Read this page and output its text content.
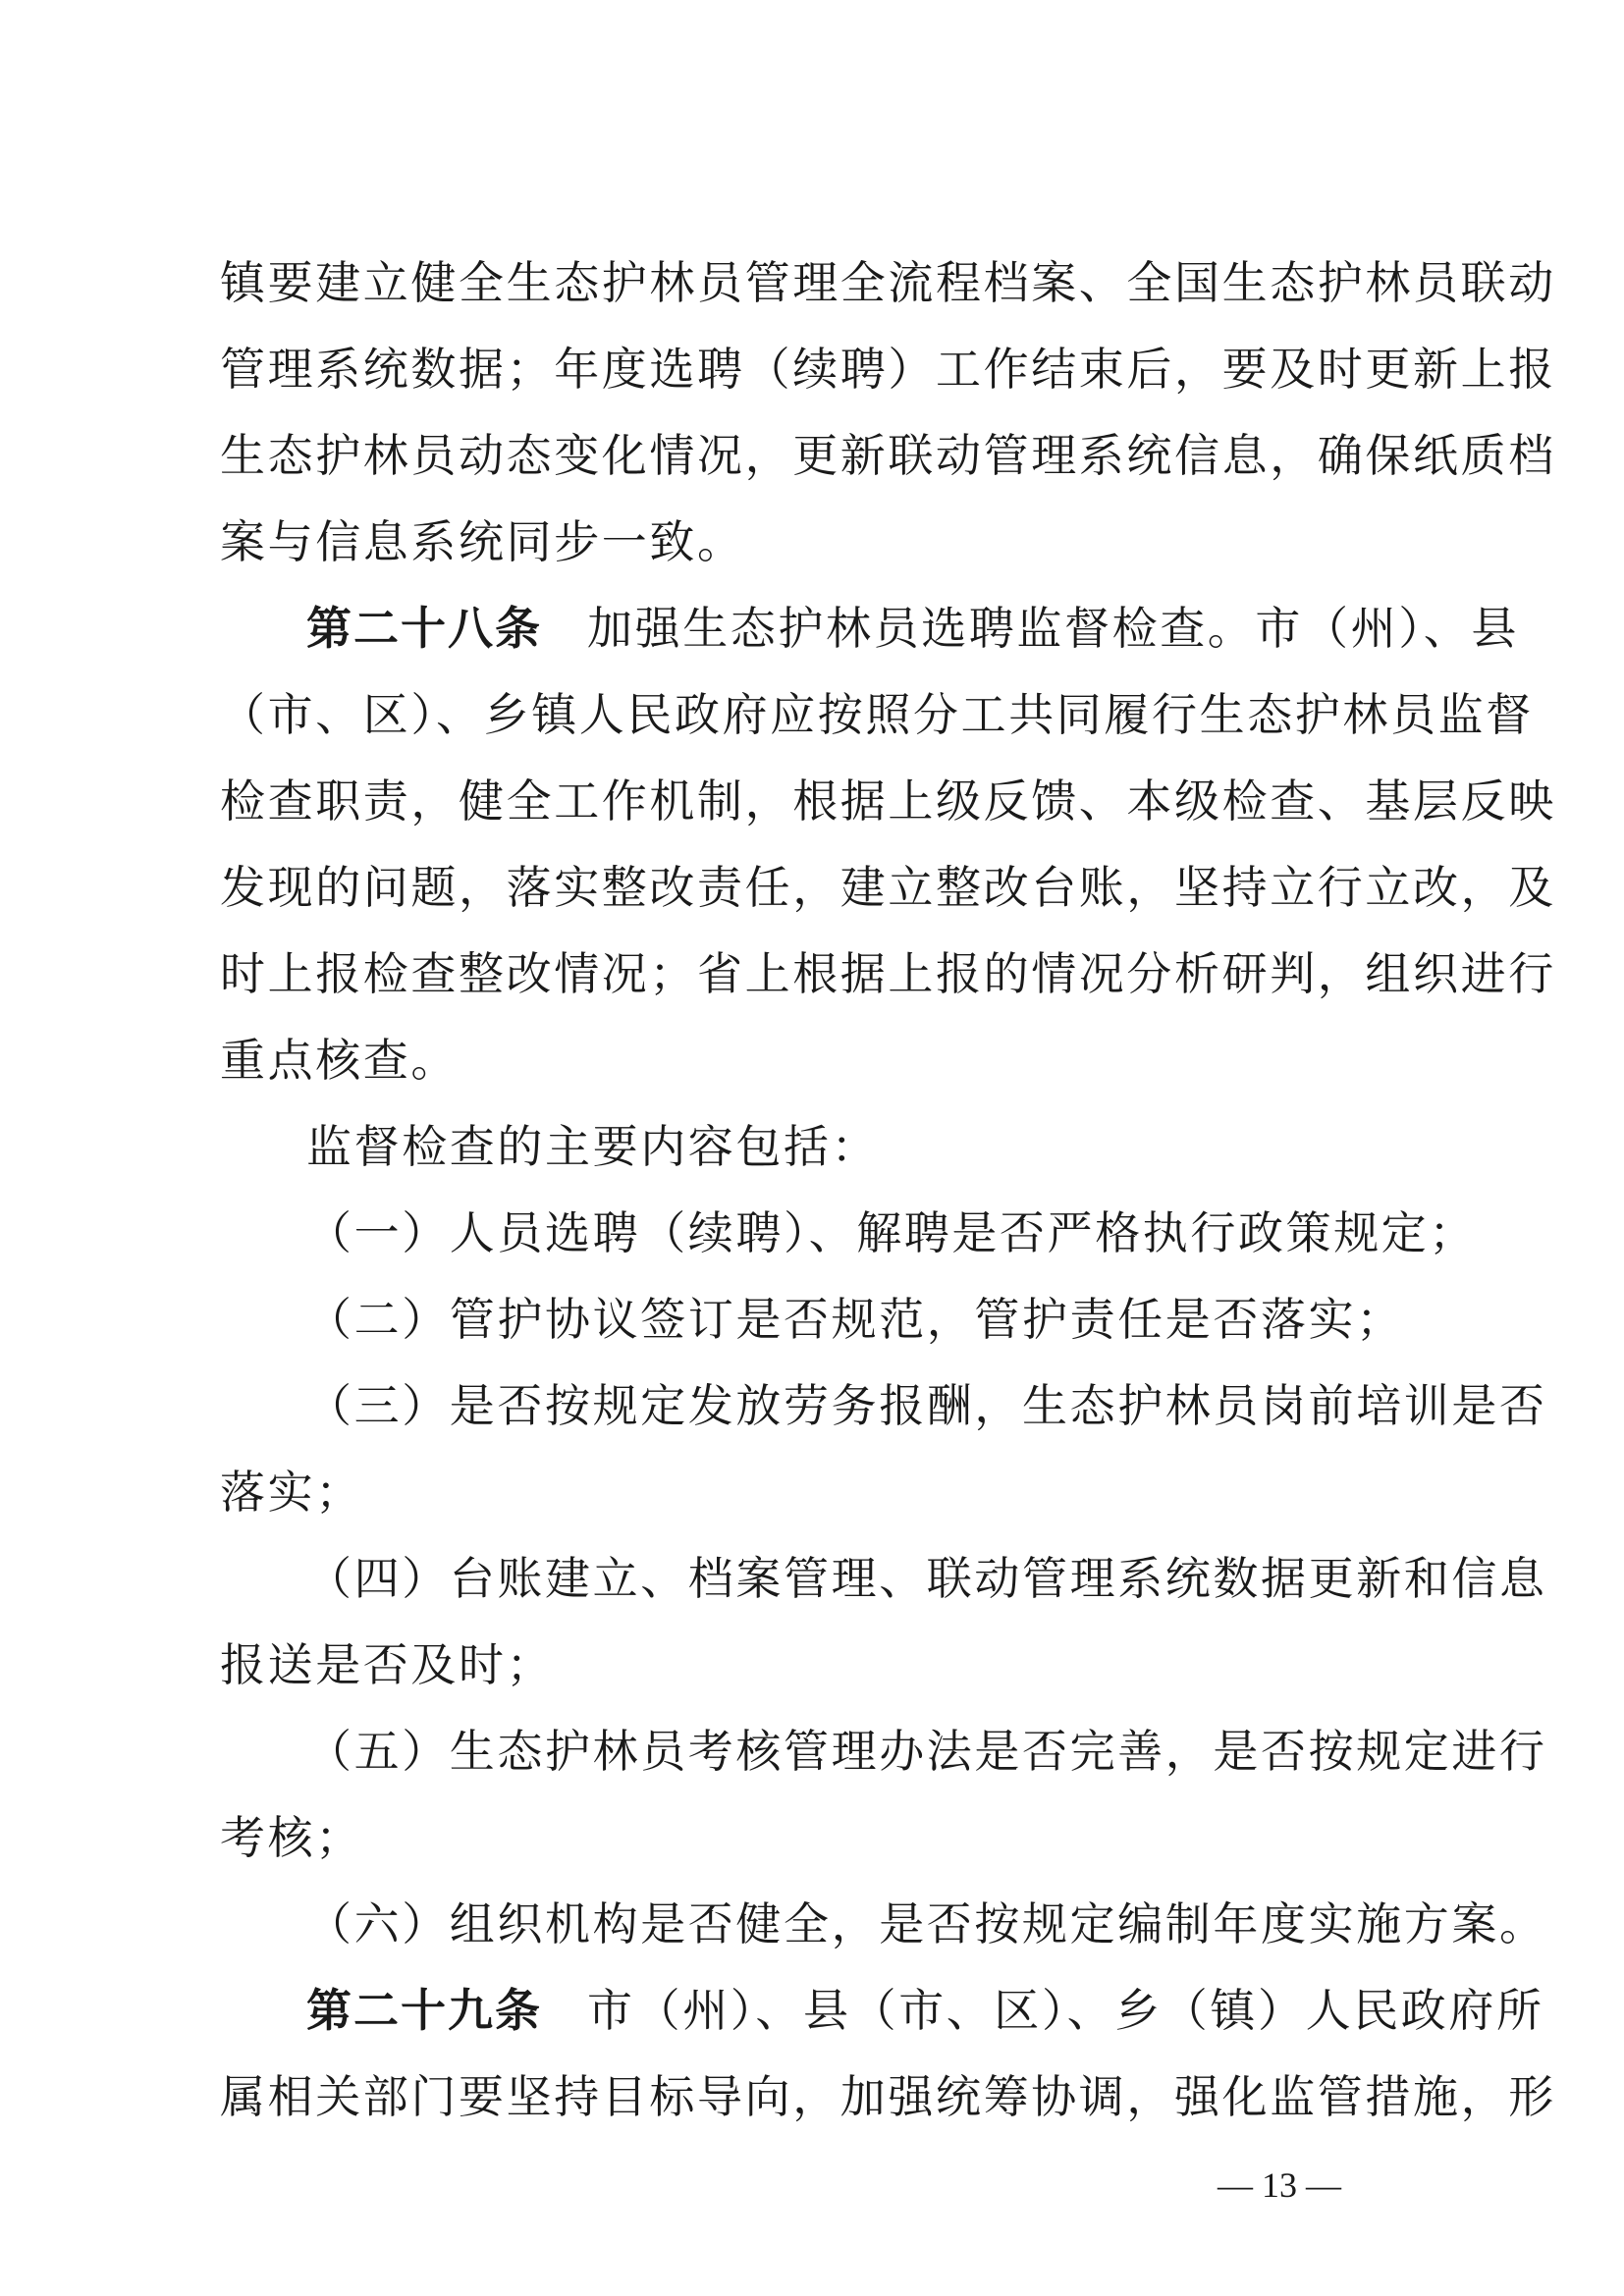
镇要建立健全生态护林员管理全流程档案、全国生态护林员联动
管理系统数据；年度选聘（续聘）工作结束后，要及时更新上报
生态护林员动态变化情况，更新联动管理系统信息，确保纸质档
案与信息系统同步一致。
第二十八条 加强生态护林员选聘监督检查。市（州）、县
（市、区）、乡镇人民政府应按照分工共同履行生态护林员监督
检查职责，健全工作机制，根据上级反馈、本级检查、基层反映
发现的问题，落实整改责任，建立整改台账，坚持立行立改，及
时上报检查整改情况；省上根据上报的情况分析研判，组织进行
重点核查。
监督检查的主要内容包括：
（一）人员选聘（续聘）、解聘是否严格执行政策规定；
（二）管护协议签订是否规范，管护责任是否落实；
（三）是否按规定发放劳务报酬，生态护林员岗前培训是否
落实；
（四）台账建立、档案管理、联动管理系统数据更新和信息
报送是否及时；
（五）生态护林员考核管理办法是否完善，是否按规定进行
考核；
（六）组织机构是否健全，是否按规定编制年度实施方案。
第二十九条 市（州）、县（市、区）、乡（镇）人民政府所
属相关部门要坚持目标导向，加强统筹协调，强化监管措施，形
— 13 —
